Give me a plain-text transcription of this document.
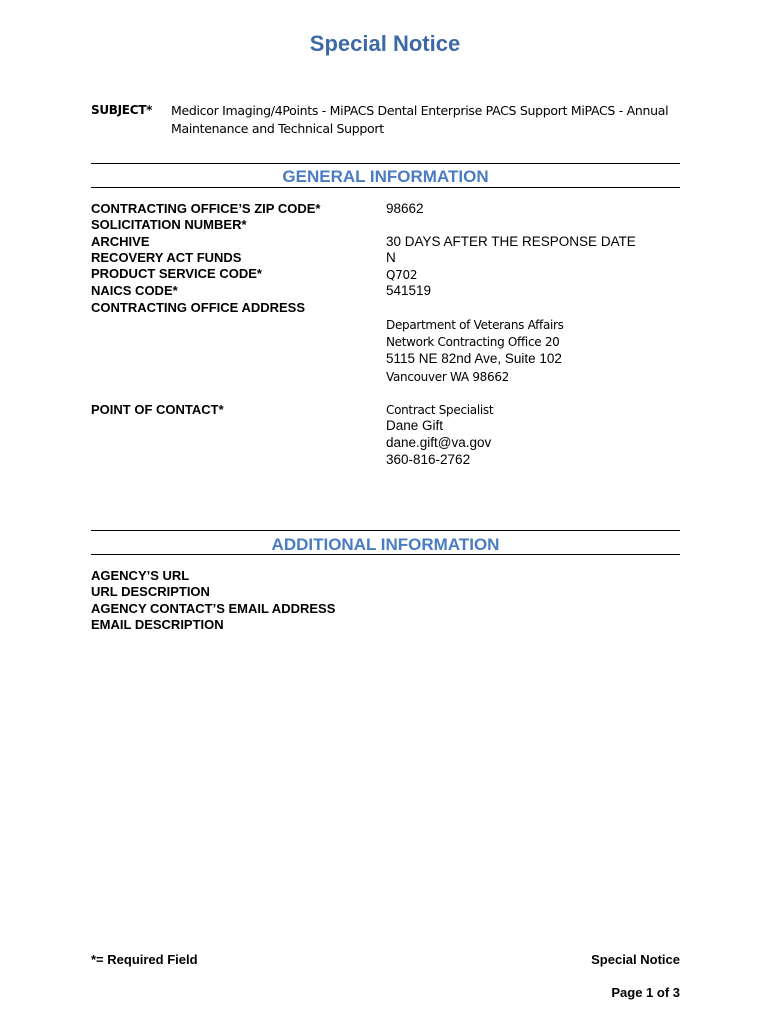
Special Notice
SUBJECT* Medicor Imaging/4Points - MiPACS Dental Enterprise PACS Support MiPACS - Annual
Maintenance and Technical Support
GENERAL INFORMATION
CONTRACTING OFFICE’S ZIP CODE*	98662
SOLICITATION NUMBER*
ARCHIVE	30 DAYS AFTER THE RESPONSE DATE
RECOVERY ACT FUNDS	N
PRODUCT SERVICE CODE*	Q702
NAICS CODE*	541519
CONTRACTING OFFICE ADDRESS
Department of Veterans Affairs
Network Contracting Office 20
5115 NE 82nd Ave, Suite 102
Vancouver WA 98662
POINT OF CONTACT*	Contract Specialist
Dane Gift
dane.gift@va.gov
360-816-2762
ADDITIONAL INFORMATION
AGENCY’S URL
URL DESCRIPTION
AGENCY CONTACT’S EMAIL ADDRESS
EMAIL DESCRIPTION
*= Required Field	Special Notice
Page 1 of 3
